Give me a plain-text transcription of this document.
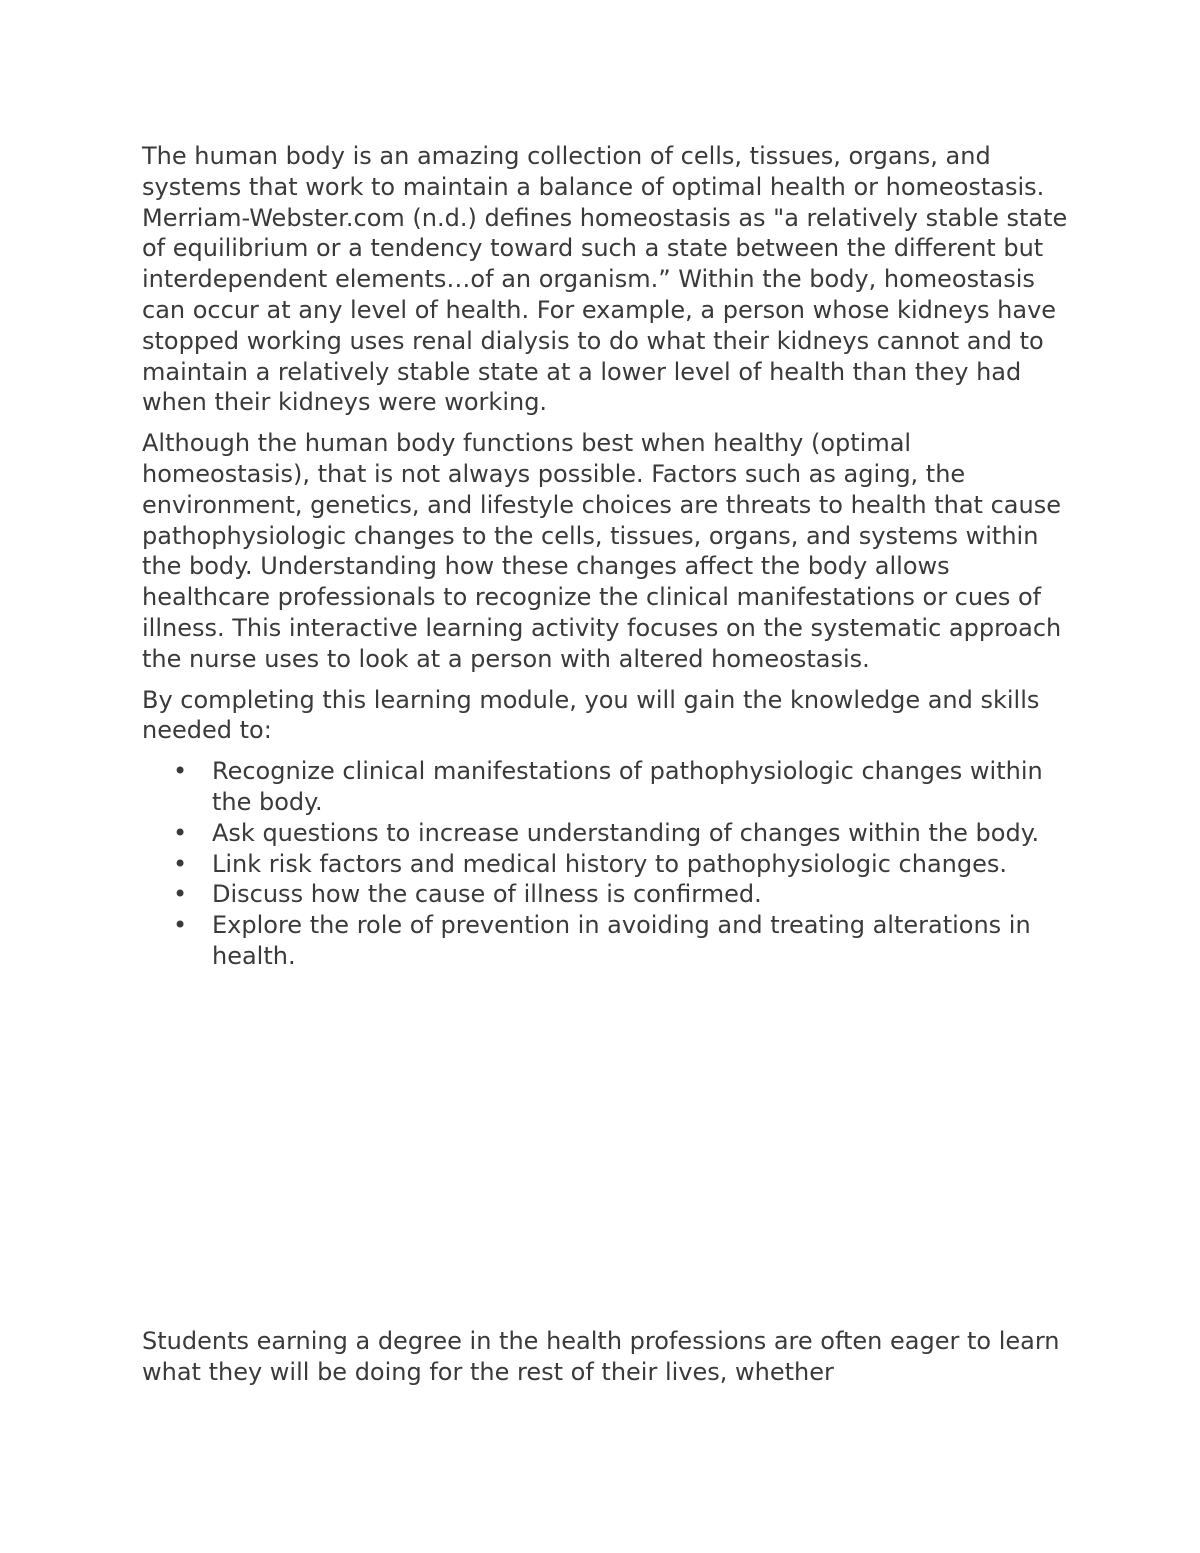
The human body is an amazing collection of cells, tissues, organs, and systems that work to maintain a balance of optimal health or homeostasis. Merriam-Webster.com (n.d.) defines homeostasis as "a relatively stable state of equilibrium or a tendency toward such a state between the different but interdependent elements…of an organism.” Within the body, homeostasis can occur at any level of health. For example, a person whose kidneys have stopped working uses renal dialysis to do what their kidneys cannot and to maintain a relatively stable state at a lower level of health than they had when their kidneys were working.

Although the human body functions best when healthy (optimal homeostasis), that is not always possible. Factors such as aging, the environment, genetics, and lifestyle choices are threats to health that cause pathophysiologic changes to the cells, tissues, organs, and systems within the body. Understanding how these changes affect the body allows healthcare professionals to recognize the clinical manifestations or cues of illness. This interactive learning activity focuses on the systematic approach the nurse uses to look at a person with altered homeostasis.

By completing this learning module, you will gain the knowledge and skills needed to:

• Recognize clinical manifestations of pathophysiologic changes within the body.
• Ask questions to increase understanding of changes within the body.
• Link risk factors and medical history to pathophysiologic changes.
• Discuss how the cause of illness is confirmed.
• Explore the role of prevention in avoiding and treating alterations in health.

Students earning a degree in the health professions are often eager to learn what they will be doing for the rest of their lives, whether
